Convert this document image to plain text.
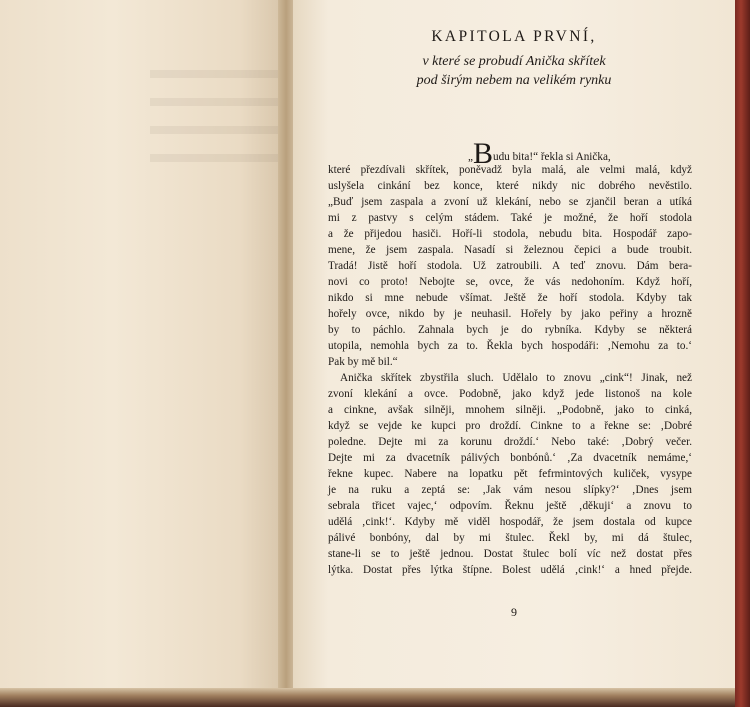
KAPITOLA PRVNÍ,
v které se probudí Anička skřítek
pod širým nebem na velikém rynku
„Budu bita!“ řekla si Anička,
které přezdívali skřítek, poněvadž byla malá, ale velmi malá, když
uslyšela cinkání bez konce, které nikdy nic dobrého nevěstilo.
„Buď jsem zaspala a zvoní už klekání, nebo se zjančil beran a utíká
mi z pastvy s celým stádem. Také je možné, že hoří stodola
a že přijedou hasiči. Hoří-li stodola, nebudu bita. Hospodář zapo-
mene, že jsem zaspala. Nasadí si železnou čepici a bude troubit.
Tradá! Jistě hoří stodola. Už zatroubili. A teď znovu. Dám bera-
novi co proto! Nebojte se, ovce, že vás nedohoním. Když hoří,
nikdo si mne nebude všímat. Ještě že hoří stodola. Kdyby tak
hořely ovce, nikdo by je neuhasil. Hořely by jako peřiny a hrozně
by to páchlo. Zahnala bych je do rybníka. Kdyby se některá
utopila, nemohla bych za to. Řekla bych hospodáři: ‚Nemohu za to.‘
Pak by mě bil.“
Anička skřítek zbystřila sluch. Udělalo to znovu „cink“! Jinak, než
zvoní klekání a ovce. Podobně, jako když jede listonoš na kole
a cinkne, avšak silněji, mnohem silněji. „Podobně, jako to cinká,
když se vejde ke kupci pro droždí. Cinkne to a řekne se: ‚Dobré
poledne. Dejte mi za korunu droždí.‘ Nebo také: ‚Dobrý večer.
Dejte mi za dvacetník pálivých bonbónů.‘ ‚Za dvacetník nemáme,‘
řekne kupec. Nabere na lopatku pět fefrmintových kuliček, vysype
je na ruku a zeptá se: ‚Jak vám nesou slípky?‘ ‚Dnes jsem
sebrala třicet vajec,‘ odpovím. Řeknu ještě ‚děkuji‘ a znovu to
udělá ‚cink!‘. Kdyby mě viděl hospodář, že jsem dostala od kupce
pálivé bonbóny, dal by mi štulec. Řekl by, mi dá štulec,
stane-li se to ještě jednou. Dostat štulec bolí víc než dostat přes
lýtka. Dostat přes lýtka štípne. Bolest udělá ‚cink!‘ a hned přejde.
9
